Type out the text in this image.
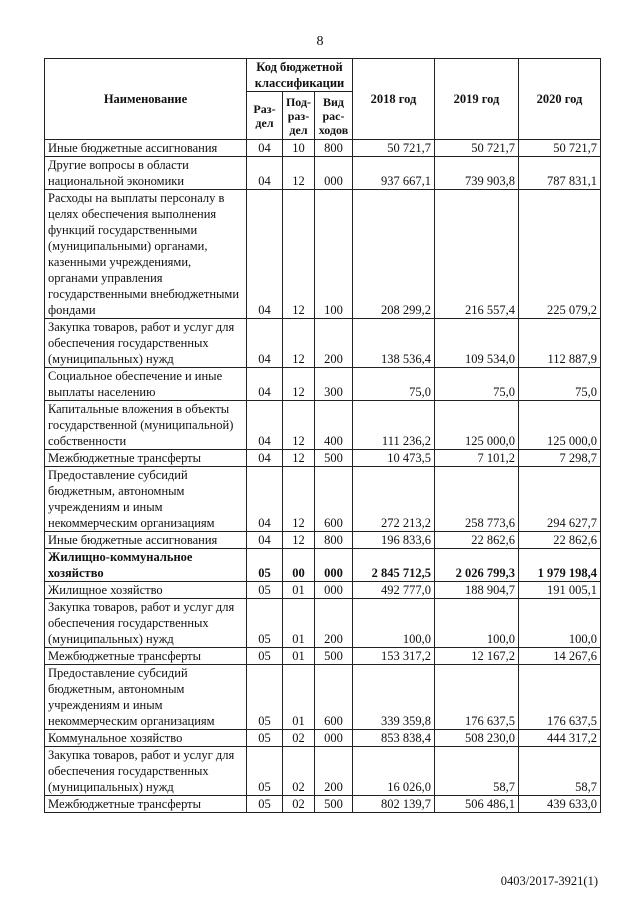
8
Наименование	Код бюджетной классификации			2018 год	2019 год	2020 год
	Раз-дел	Под-раз-дел	Вид рас-ходов			
Иные бюджетные ассигнования	04	10	800	50 721,7	50 721,7	50 721,7
Другие вопросы в области национальной экономики	04	12	000	937 667,1	739 903,8	787 831,1
Расходы на выплаты персоналу в целях обеспечения выполнения функций государственными (муниципальными) органами, казенными учреждениями, органами управления государственными внебюджетными фондами	04	12	100	208 299,2	216 557,4	225 079,2
Закупка товаров, работ и услуг для обеспечения государственных (муниципальных) нужд	04	12	200	138 536,4	109 534,0	112 887,9
Социальное обеспечение и иные выплаты населению	04	12	300	75,0	75,0	75,0
Капитальные вложения в объекты государственной (муниципальной) собственности	04	12	400	111 236,2	125 000,0	125 000,0
Межбюджетные трансферты	04	12	500	10 473,5	7 101,2	7 298,7
Предоставление субсидий бюджетным, автономным учреждениям и иным некоммерческим организациям	04	12	600	272 213,2	258 773,6	294 627,7
Иные бюджетные ассигнования	04	12	800	196 833,6	22 862,6	22 862,6
Жилищно-коммунальное хозяйство	05	00	000	2 845 712,5	2 026 799,3	1 979 198,4
Жилищное хозяйство	05	01	000	492 777,0	188 904,7	191 005,1
Закупка товаров, работ и услуг для обеспечения государственных (муниципальных) нужд	05	01	200	100,0	100,0	100,0
Межбюджетные трансферты	05	01	500	153 317,2	12 167,2	14 267,6
Предоставление субсидий бюджетным, автономным учреждениям и иным некоммерческим организациям	05	01	600	339 359,8	176 637,5	176 637,5
Коммунальное хозяйство	05	02	000	853 838,4	508 230,0	444 317,2
Закупка товаров, работ и услуг для обеспечения государственных (муниципальных) нужд	05	02	200	16 026,0	58,7	58,7
Межбюджетные трансферты	05	02	500	802 139,7	506 486,1	439 633,0
0403/2017-3921(1)
